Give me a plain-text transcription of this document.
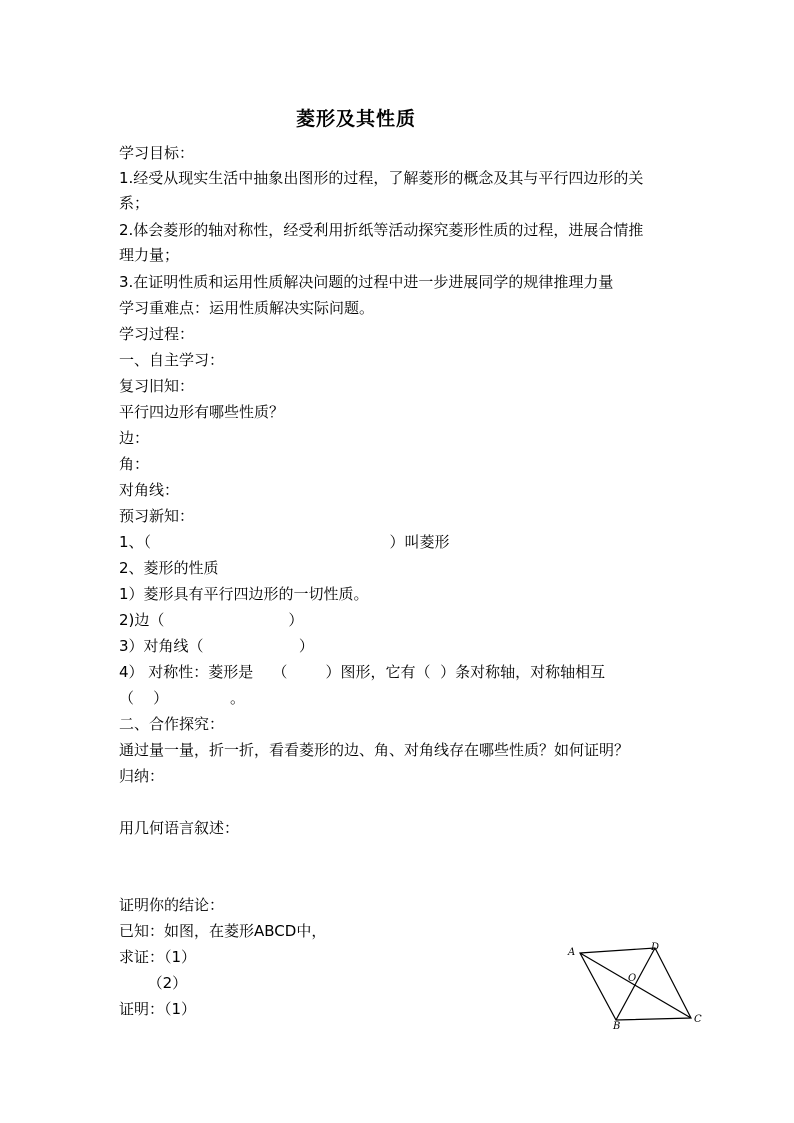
菱形及其性质
学习目标：
1.经受从现实生活中抽象出图形的过程，了解菱形的概念及其与平行四边形的关
系；
2.体会菱形的轴对称性，经受利用折纸等活动探究菱形性质的过程，进展合情推
理力量；
3.在证明性质和运用性质解决问题的过程中进一步进展同学的规律推理力量
学习重难点：运用性质解决实际问题。
学习过程：
一、自主学习：
复习旧知：
平行四边形有哪些性质？
边：
角：
对角线：
预习新知：
1、（                                                  ）叫菱形
2、菱形的性质
1）菱形具有平行四边形的一切性质。
2)边（                          ）
3）对角线（                    ）
4） 对称性：菱形是    （        ）图形，它有（  ）条对称轴，对称轴相互
（    ）             。
二、合作探究：
通过量一量，折一折，看看菱形的边、角、对角线存在哪些性质？如何证明？
归纳：
用几何语言叙述：
证明你的结论：
已知：如图，在菱形ABCD中，
求证：（1）
（2）
证明：（1）
A	D
C
B
O
